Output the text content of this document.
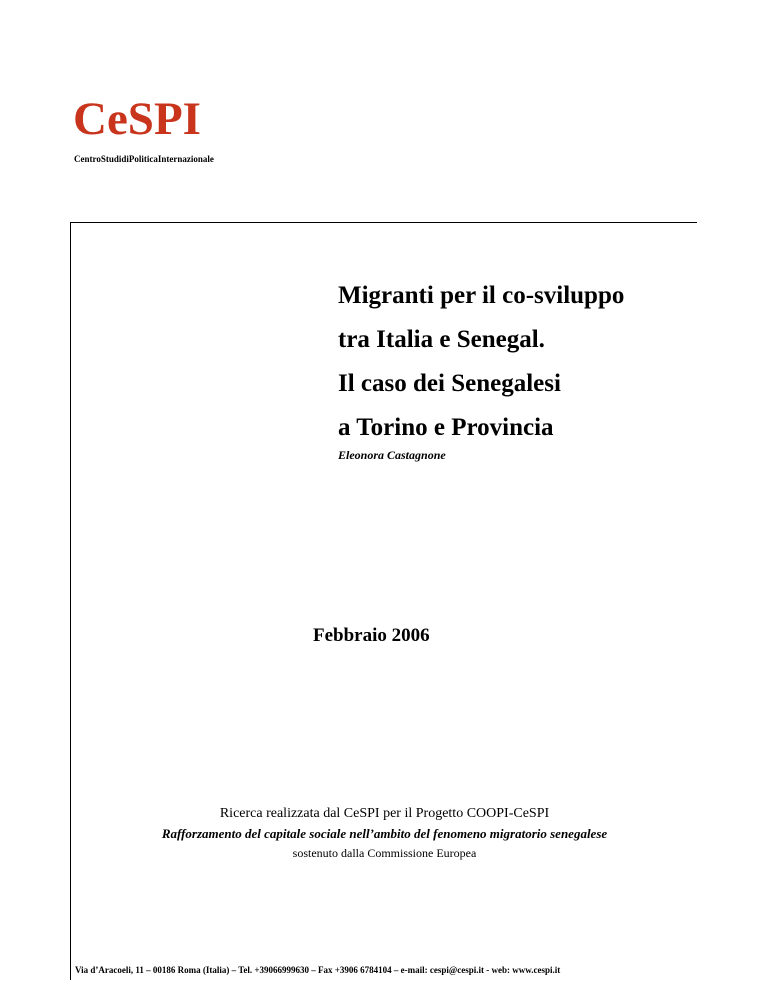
CeSPI
CentroStudidiPoliticaInternazionale
Migranti per il co-sviluppo
tra Italia e Senegal.
Il caso dei Senegalesi
a Torino e Provincia
Eleonora Castagnone
Febbraio 2006
Ricerca realizzata dal CeSPI per il Progetto COOPI-CeSPI
Rafforzamento del capitale sociale nell’ambito del fenomeno migratorio senegalese
sostenuto dalla Commissione Europea
Via d’Aracoeli, 11 – 00186 Roma (Italia) – Tel. +39066999630 – Fax +3906 6784104 – e-mail: cespi@cespi.it - web: www.cespi.it
